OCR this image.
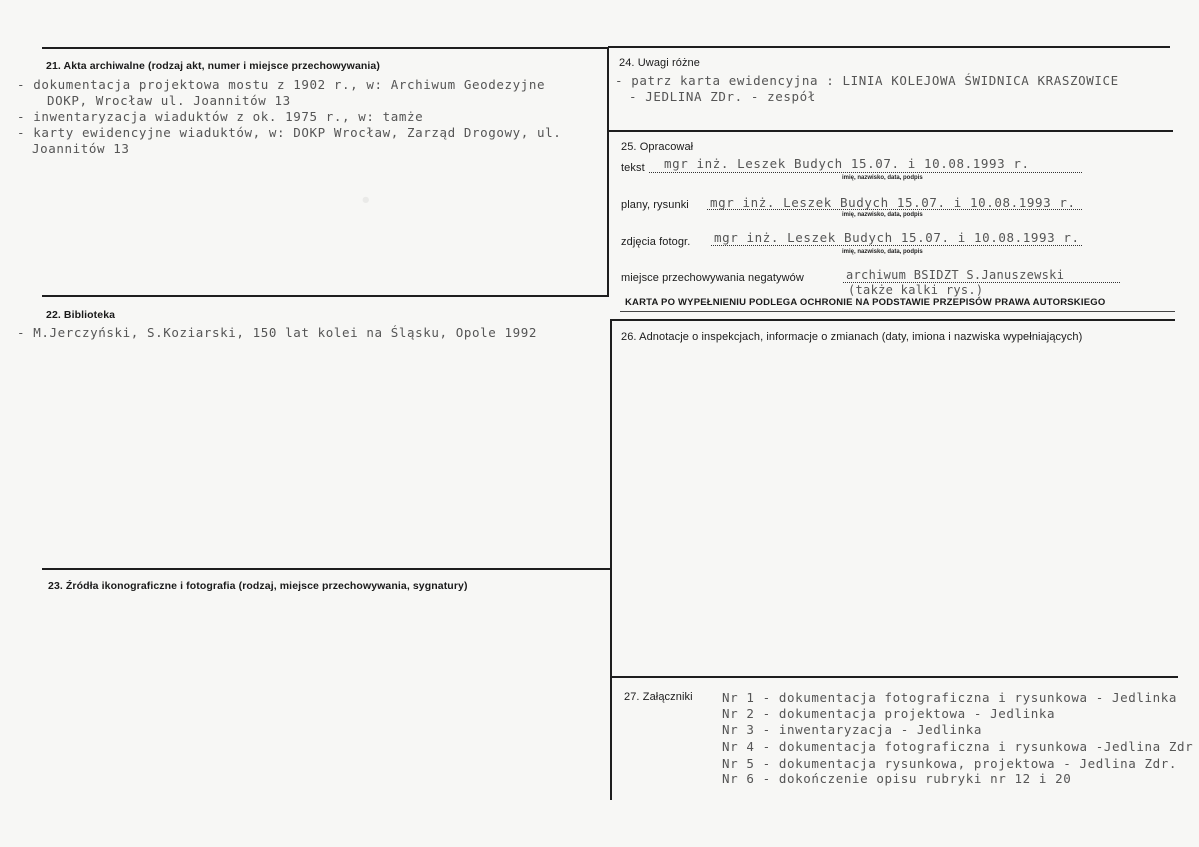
•
21. Akta archiwalne (rodzaj akt, numer i miejsce przechowywania)
- dokumentacja projektowa mostu z 1902 r., w: Archiwum Geodezyjne
DOKP, Wrocław ul. Joannitów 13
- inwentaryzacja wiaduktów z ok. 1975 r., w: tamże
- karty ewidencyjne wiaduktów, w: DOKP Wrocław, Zarząd Drogowy, ul.
Joannitów 13
22. Biblioteka
- M.Jerczyński, S.Koziarski, 150 lat kolei na Śląsku, Opole 1992
23. Źródła ikonograficzne i fotografia (rodzaj, miejsce przechowywania, sygnatury)
24. Uwagi różne
- patrz karta ewidencyjna : LINIA KOLEJOWA ŚWIDNICA KRASZOWICE
- JEDLINA ZDr. - zespół
25. Opracował
tekst mgr inż. Leszek Budych 15.07. i 10.08.1993 r.
imię, nazwisko, data, podpis
plany, rysunki mgr inż. Leszek Budych 15.07. i 10.08.1993 r.
imię, nazwisko, data, podpis
zdjęcia fotogr. mgr inż. Leszek Budych 15.07. i 10.08.1993 r.
imię, nazwisko, data, podpis
miejsce przechowywania negatywów	archiwum BSIDZT S.Januszewski
(także kalki rys.)
KARTA PO WYPEŁNIENIU PODLEGA OCHRONIE NA PODSTAWIE PRZEPISÓW PRAWA AUTORSKIEGO
26. Adnotacje o inspekcjach, informacje o zmianach (daty, imiona i nazwiska wypełniających)
27. Załączniki Nr 1 - dokumentacja fotograficzna i rysunkowa - Jedlinka
Nr 2 - dokumentacja projektowa - Jedlinka
Nr 3 - inwentaryzacja - Jedlinka
Nr 4 - dokumentacja fotograficzna i rysunkowa -Jedlina Zdr
Nr 5 - dokumentacja rysunkowa, projektowa - Jedlina Zdr.
Nr 6 - dokończenie opisu rubryki nr 12 i 20
